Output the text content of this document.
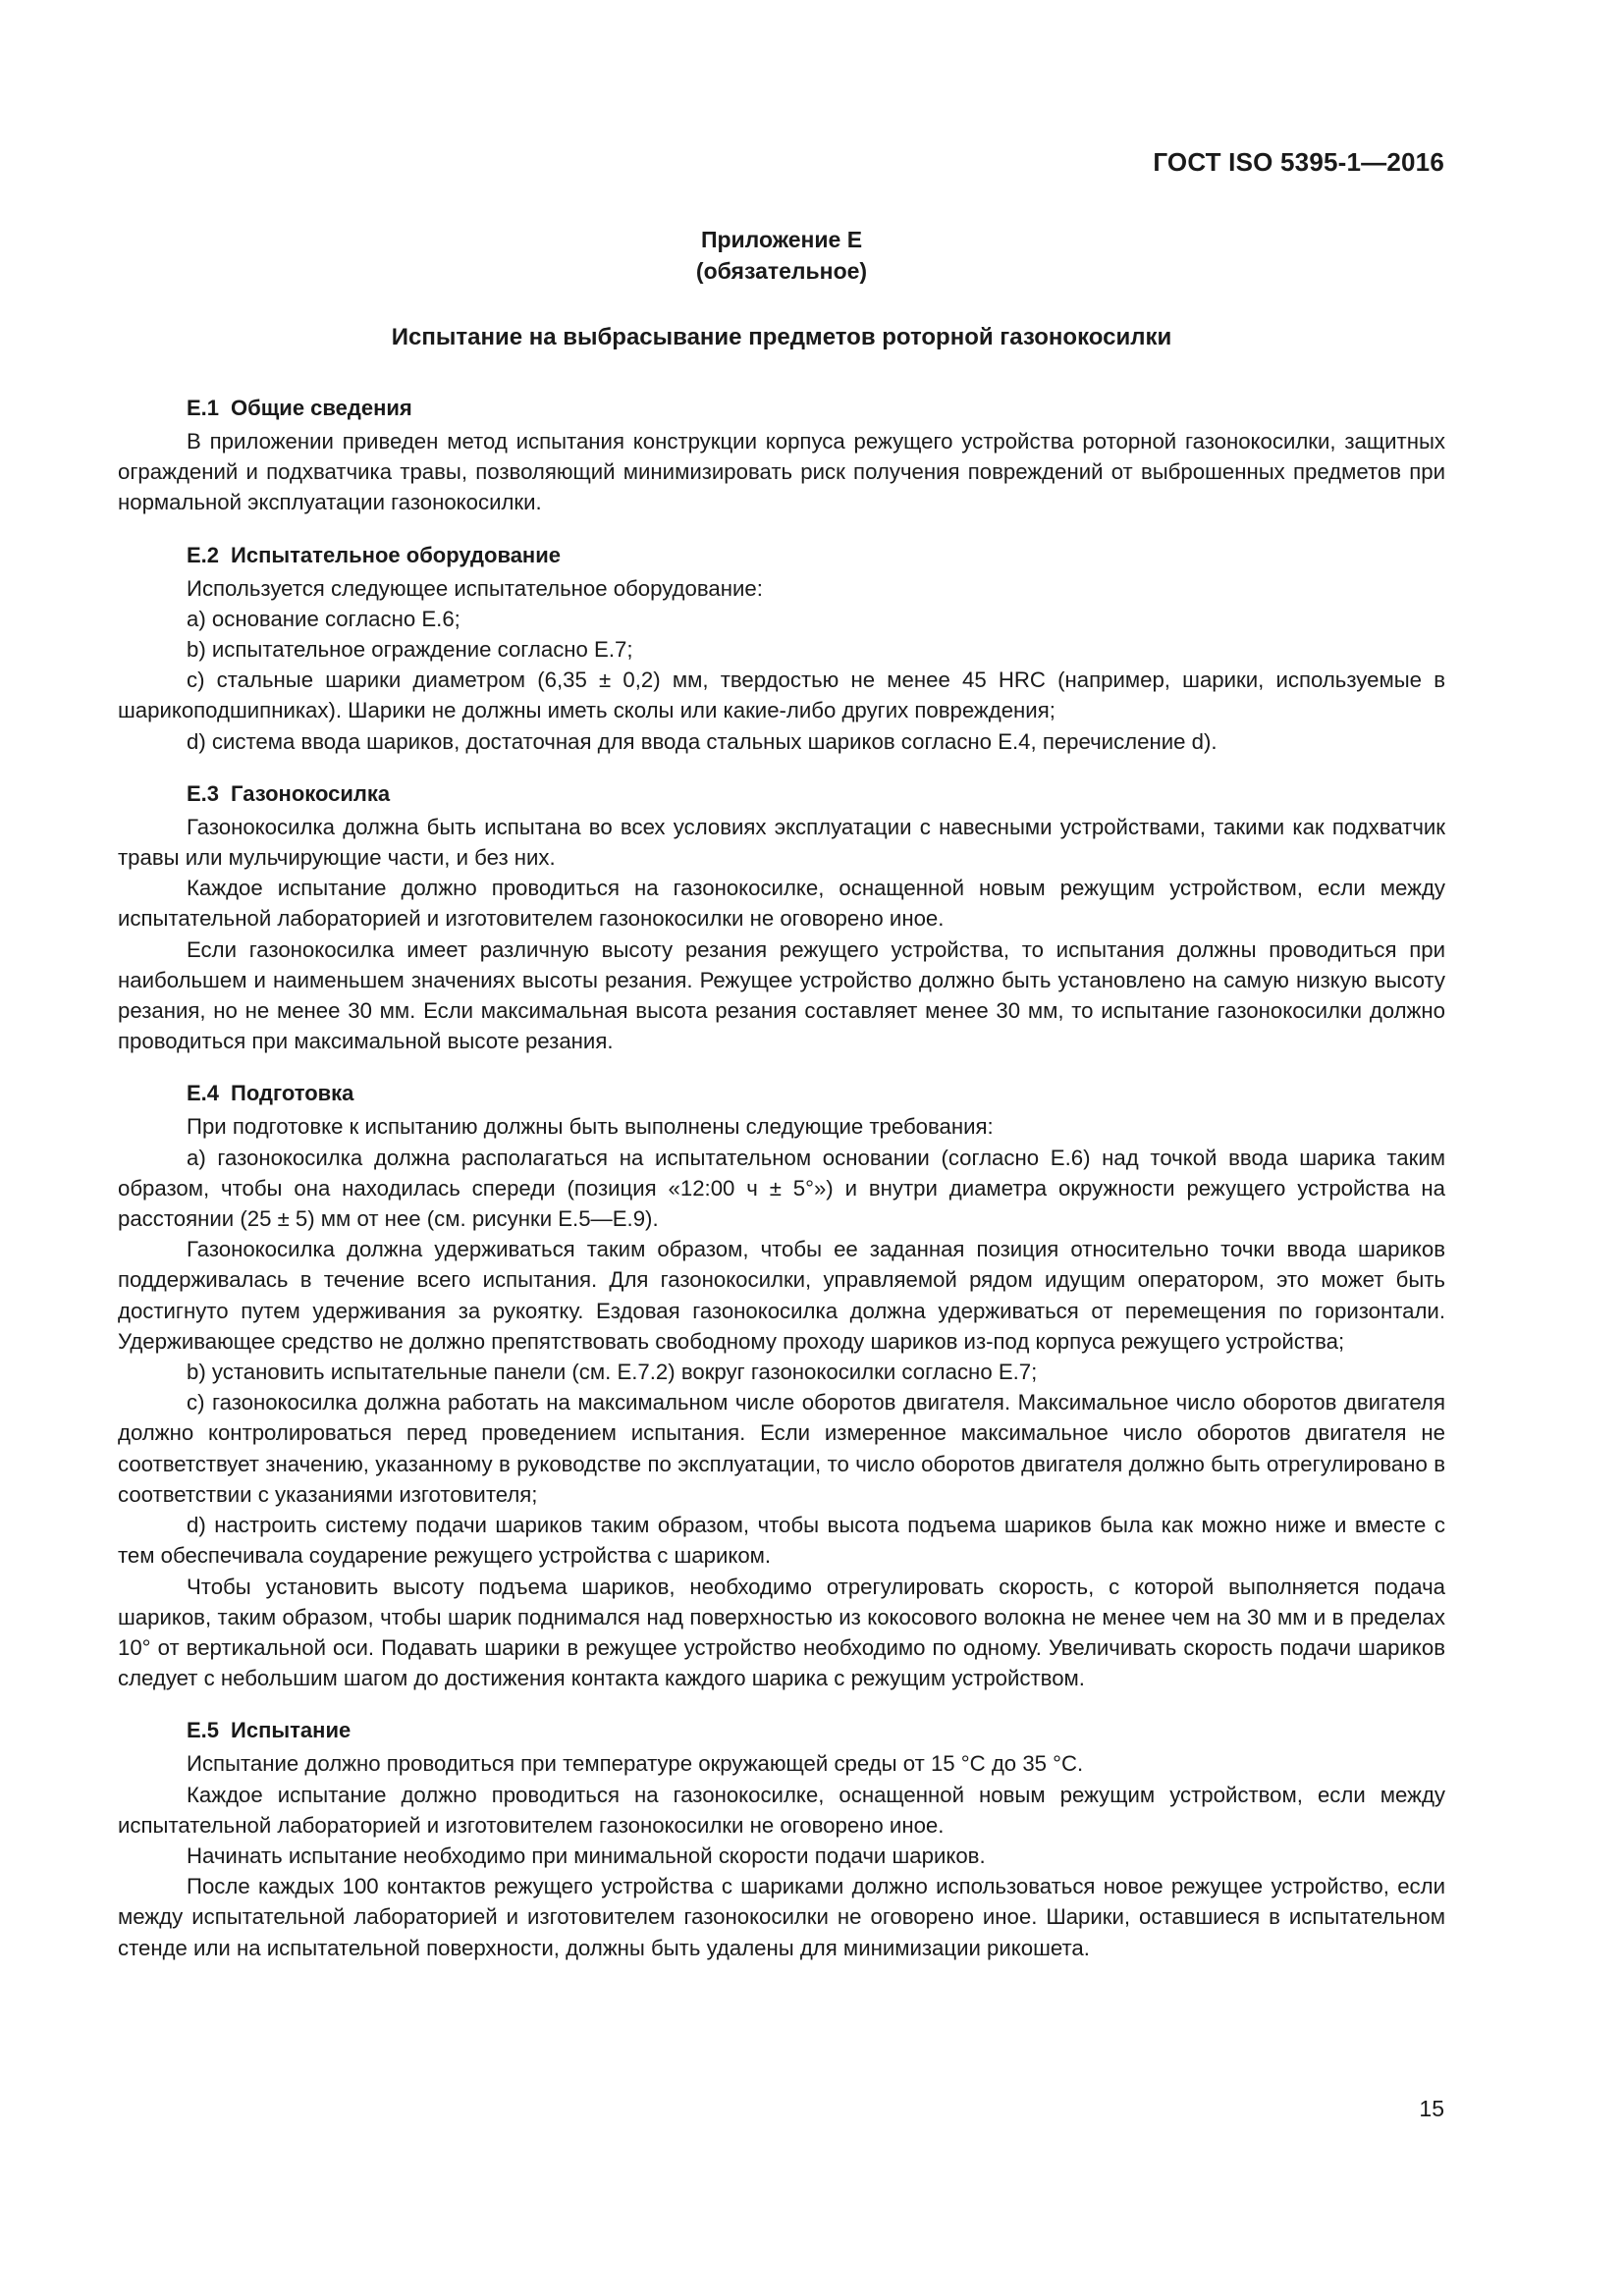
ГОСТ ISO 5395-1—2016

Приложение Е

(обязательное)

Испытание на выбрасывание предметов роторной газонокосилки

Е.1 Общие сведения

В приложении приведен метод испытания конструкции корпуса режущего устройства роторной газонокосилки, защитных ограждений и подхватчика травы, позволяющий минимизировать риск получения повреждений от выброшенных предметов при нормальной эксплуатации газонокосилки.

Е.2 Испытательное оборудование

Используется следующее испытательное оборудование:

a) основание согласно Е.6;

b) испытательное ограждение согласно Е.7;

c) стальные шарики диаметром (6,35 ± 0,2) мм, твердостью не менее 45 HRC (например, шарики, используемые в шарикоподшипниках). Шарики не должны иметь сколы или какие-либо других повреждения;

d) система ввода шариков, достаточная для ввода стальных шариков согласно Е.4, перечисление d).

Е.3 Газонокосилка

Газонокосилка должна быть испытана во всех условиях эксплуатации с навесными устройствами, такими как подхватчик травы или мульчирующие части, и без них.

Каждое испытание должно проводиться на газонокосилке, оснащенной новым режущим устройством, если между испытательной лабораторией и изготовителем газонокосилки не оговорено иное.

Если газонокосилка имеет различную высоту резания режущего устройства, то испытания должны проводиться при наибольшем и наименьшем значениях высоты резания. Режущее устройство должно быть установлено на самую низкую высоту резания, но не менее 30 мм. Если максимальная высота резания составляет менее 30 мм, то испытание газонокосилки должно проводиться при максимальной высоте резания.

Е.4 Подготовка

При подготовке к испытанию должны быть выполнены следующие требования:

a) газонокосилка должна располагаться на испытательном основании (согласно Е.6) над точкой ввода шарика таким образом, чтобы она находилась спереди (позиция «12:00 ч ± 5°») и внутри диаметра окружности режущего устройства на расстоянии (25 ± 5) мм от нее (см. рисунки Е.5—Е.9).

Газонокосилка должна удерживаться таким образом, чтобы ее заданная позиция относительно точки ввода шариков поддерживалась в течение всего испытания. Для газонокосилки, управляемой рядом идущим оператором, это может быть достигнуто путем удерживания за рукоятку. Ездовая газонокосилка должна удерживаться от перемещения по горизонтали. Удерживающее средство не должно препятствовать свободному проходу шариков из-под корпуса режущего устройства;

b) установить испытательные панели (см. Е.7.2) вокруг газонокосилки согласно Е.7;

c) газонокосилка должна работать на максимальном числе оборотов двигателя. Максимальное число оборотов двигателя должно контролироваться перед проведением испытания. Если измеренное максимальное число оборотов двигателя не соответствует значению, указанному в руководстве по эксплуатации, то число оборотов двигателя должно быть отрегулировано в соответствии с указаниями изготовителя;

d) настроить систему подачи шариков таким образом, чтобы высота подъема шариков была как можно ниже и вместе с тем обеспечивала соударение режущего устройства с шариком.

Чтобы установить высоту подъема шариков, необходимо отрегулировать скорость, с которой выполняется подача шариков, таким образом, чтобы шарик поднимался над поверхностью из кокосового волокна не менее чем на 30 мм и в пределах 10° от вертикальной оси. Подавать шарики в режущее устройство необходимо по одному. Увеличивать скорость подачи шариков следует с небольшим шагом до достижения контакта каждого шарика с режущим устройством.

Е.5 Испытание

Испытание должно проводиться при температуре окружающей среды от 15 °C до 35 °C.

Каждое испытание должно проводиться на газонокосилке, оснащенной новым режущим устройством, если между испытательной лабораторией и изготовителем газонокосилки не оговорено иное.

Начинать испытание необходимо при минимальной скорости подачи шариков.

После каждых 100 контактов режущего устройства с шариками должно использоваться новое режущее устройство, если между испытательной лабораторией и изготовителем газонокосилки не оговорено иное. Шарики, оставшиеся в испытательном стенде или на испытательной поверхности, должны быть удалены для минимизации рикошета.

15
